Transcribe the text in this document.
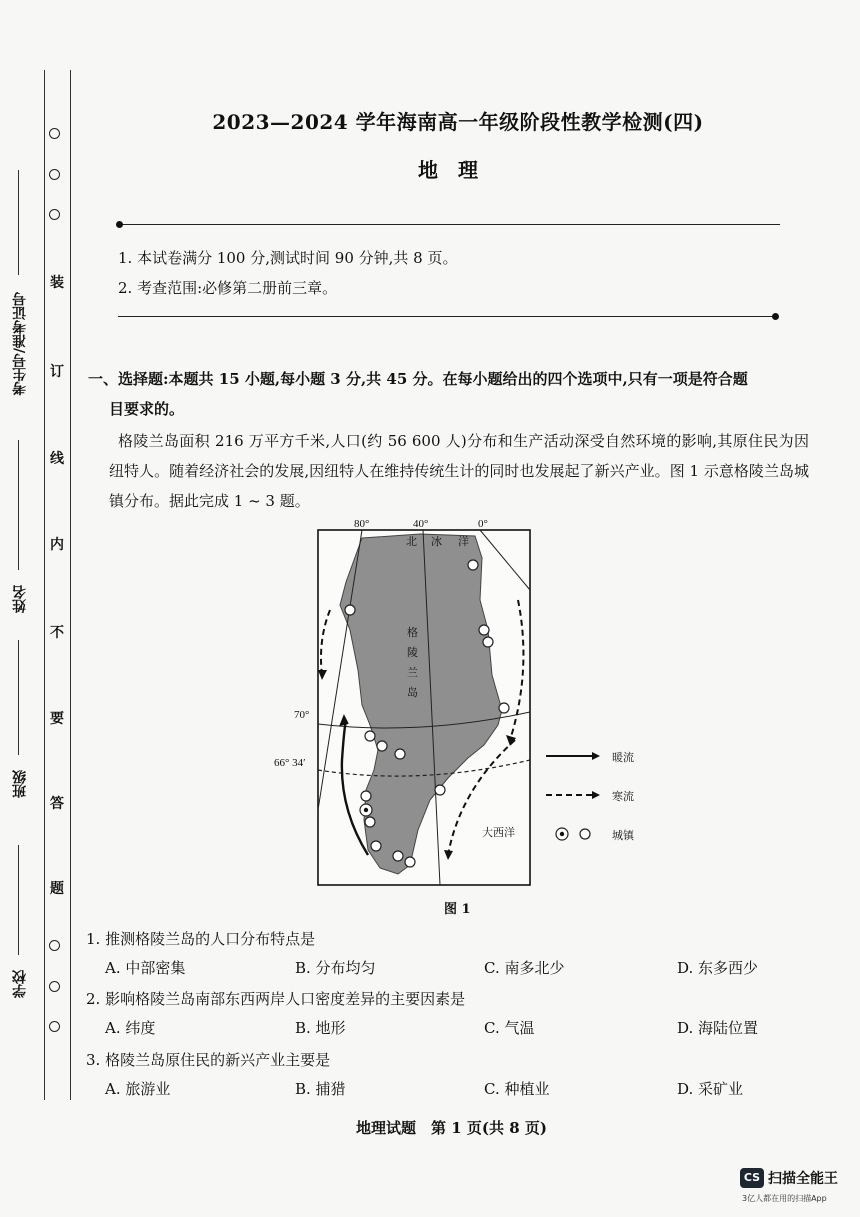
考生号/准考证号
姓名
班级
学校
装
订
线
内
不
要
答
题
2023—2024 学年海南高一年级阶段性教学检测(四)
地理
1. 本试卷满分 100 分,测试时间 90 分钟,共 8 页。
2. 考查范围:必修第二册前三章。
一、选择题:本题共 15 小题,每小题 3 分,共 45 分。在每小题给出的四个选项中,只有一项是符合题
目要求的。
格陵兰岛面积 216 万平方千米,人口(约 56 600 人)分布和生产活动深受自然环境的影响,其原住民为因纽特人。随着经济社会的发展,因纽特人在维持传统生计的同时也发展起了新兴产业。图 1 示意格陵兰岛城镇分布。据此完成 1 ~ 3 题。
80°	40°	0°
北 冰 洋
格
陵
兰
岛
70°
66° 34′
大西洋
暖流
寒流
城镇
图 1
1. 推测格陵兰岛的人口分布特点是
A. 中部密集	B. 分布均匀	C. 南多北少	D. 东多西少
2. 影响格陵兰岛南部东西两岸人口密度差异的主要因素是
A. 纬度	B. 地形	C. 气温	D. 海陆位置
3. 格陵兰岛原住民的新兴产业主要是
A. 旅游业	B. 捕猎	C. 种植业	D. 采矿业
地理试题　第 1 页(共 8 页)
CS 扫描全能王
3亿人都在用的扫描App
